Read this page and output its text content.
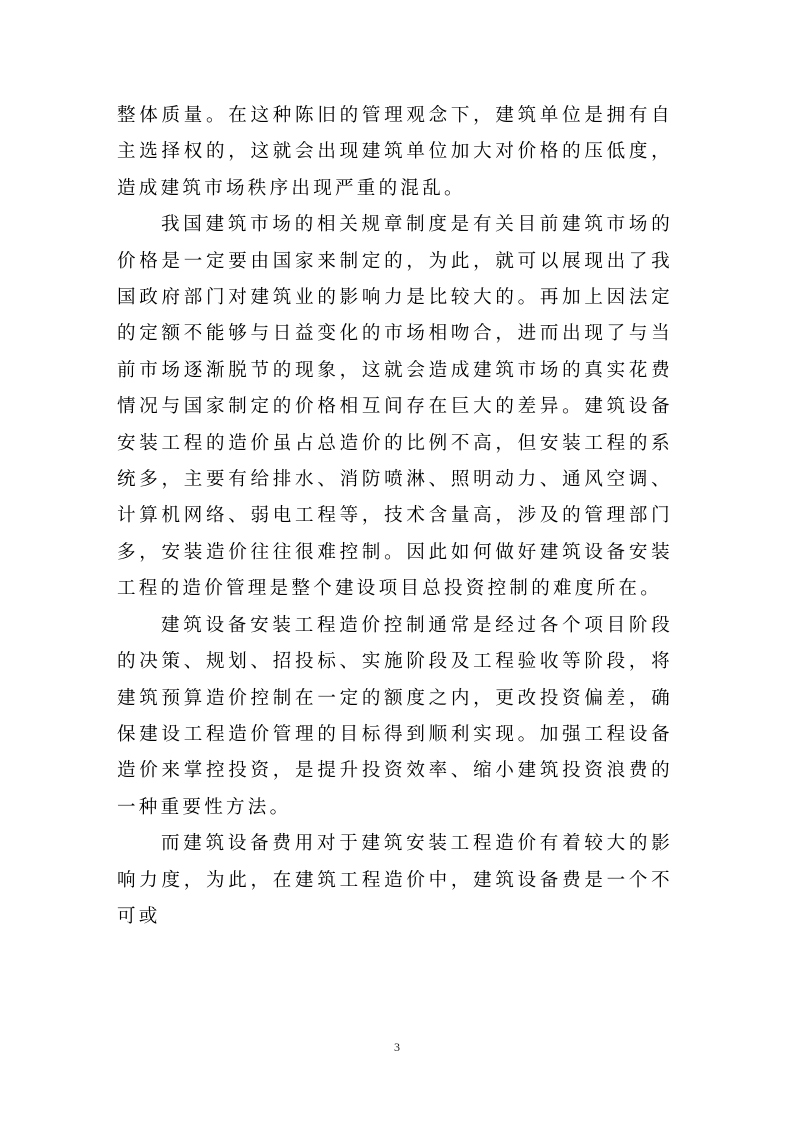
整体质量。在这种陈旧的管理观念下，建筑单位是拥有自主选择权的，这就会出现建筑单位加大对价格的压低度，造成建筑市场秩序出现严重的混乱。

我国建筑市场的相关规章制度是有关目前建筑市场的价格是一定要由国家来制定的，为此，就可以展现出了我国政府部门对建筑业的影响力是比较大的。再加上因法定的定额不能够与日益变化的市场相吻合，进而出现了与当前市场逐渐脱节的现象，这就会造成建筑市场的真实花费情况与国家制定的价格相互间存在巨大的差异。建筑设备安装工程的造价虽占总造价的比例不高，但安装工程的系统多，主要有给排水、消防喷淋、照明动力、通风空调、计算机网络、弱电工程等，技术含量高，涉及的管理部门多，安装造价往往很难控制。因此如何做好建筑设备安装工程的造价管理是整个建设项目总投资控制的难度所在。

建筑设备安装工程造价控制通常是经过各个项目阶段的决策、规划、招投标、实施阶段及工程验收等阶段，将建筑预算造价控制在一定的额度之内，更改投资偏差，确保建设工程造价管理的目标得到顺利实现。加强工程设备造价来掌控投资，是提升投资效率、缩小建筑投资浪费的一种重要性方法。

而建筑设备费用对于建筑安装工程造价有着较大的影响力度，为此，在建筑工程造价中，建筑设备费是一个不可或

3
